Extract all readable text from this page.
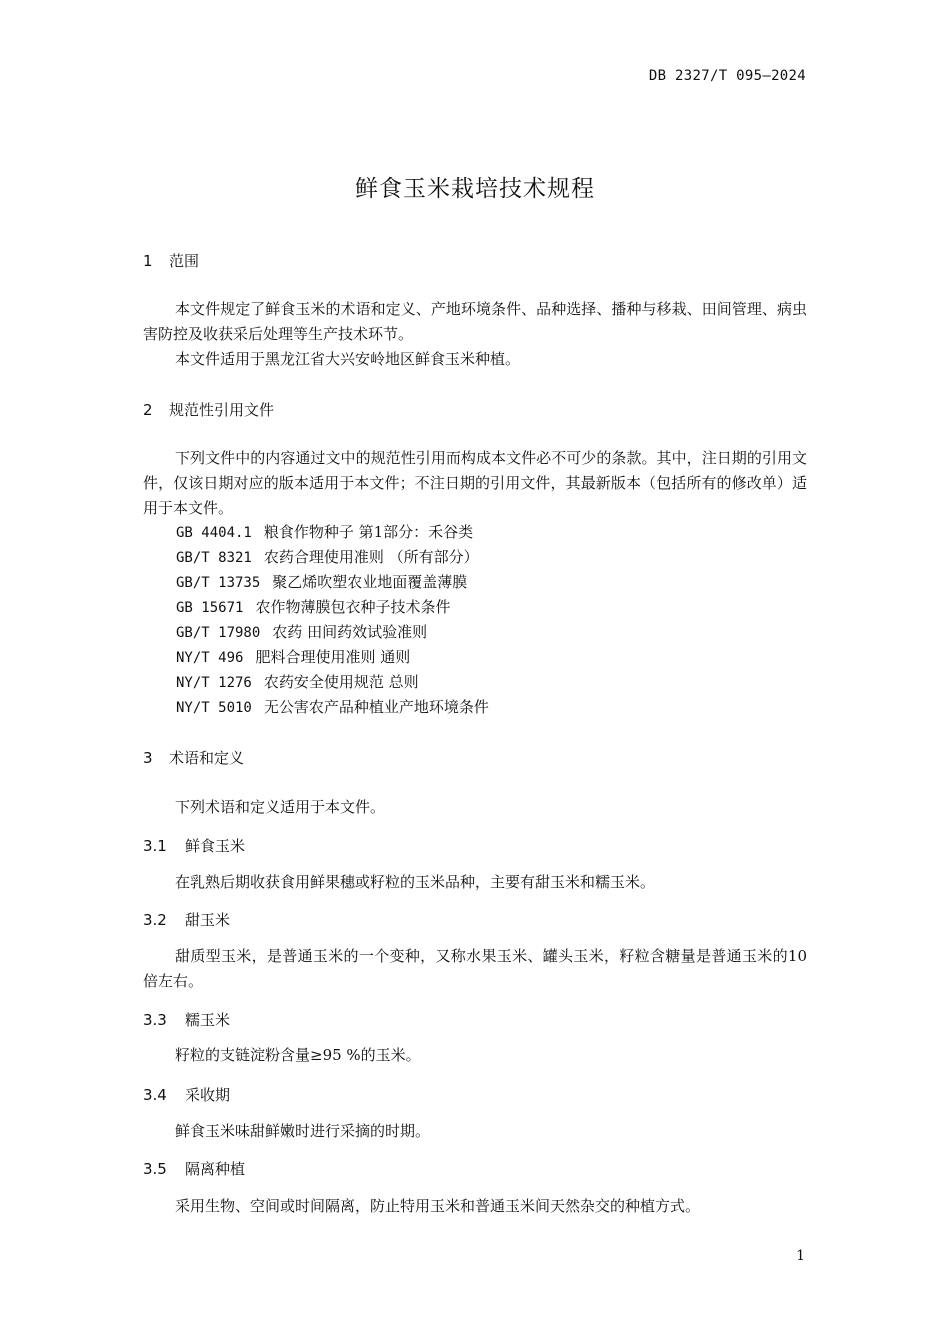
DB 2327/T 095—2024
鲜食玉米栽培技术规程
1 范围

本文件规定了鲜食玉米的术语和定义、产地环境条件、品种选择、播种与移栽、田间管理、病虫害防控及收获采后处理等生产技术环节。

本文件适用于黑龙江省大兴安岭地区鲜食玉米种植。

2 规范性引用文件

下列文件中的内容通过文中的规范性引用而构成本文件必不可少的条款。其中，注日期的引用文件，仅该日期对应的版本适用于本文件；不注日期的引用文件，其最新版本（包括所有的修改单）适用于本文件。

GB 4404.1 粮食作物种子 第1部分：禾谷类
GB/T 8321 农药合理使用准则 （所有部分）
GB/T 13735 聚乙烯吹塑农业地面覆盖薄膜
GB 15671 农作物薄膜包衣种子技术条件
GB/T 17980 农药 田间药效试验准则
NY/T 496 肥料合理使用准则 通则
NY/T 1276 农药安全使用规范 总则
NY/T 5010 无公害农产品种植业产地环境条件
3 术语和定义

下列术语和定义适用于本文件。

3.1 鲜食玉米

在乳熟后期收获食用鲜果穗或籽粒的玉米品种，主要有甜玉米和糯玉米。

3.2 甜玉米

甜质型玉米，是普通玉米的一个变种，又称水果玉米、罐头玉米，籽粒含糖量是普通玉米的10倍左右。

3.3 糯玉米

籽粒的支链淀粉含量≥95 %的玉米。

3.4 采收期

鲜食玉米味甜鲜嫩时进行采摘的时期。

3.5 隔离种植

采用生物、空间或时间隔离，防止特用玉米和普通玉米间天然杂交的种植方式。

1
